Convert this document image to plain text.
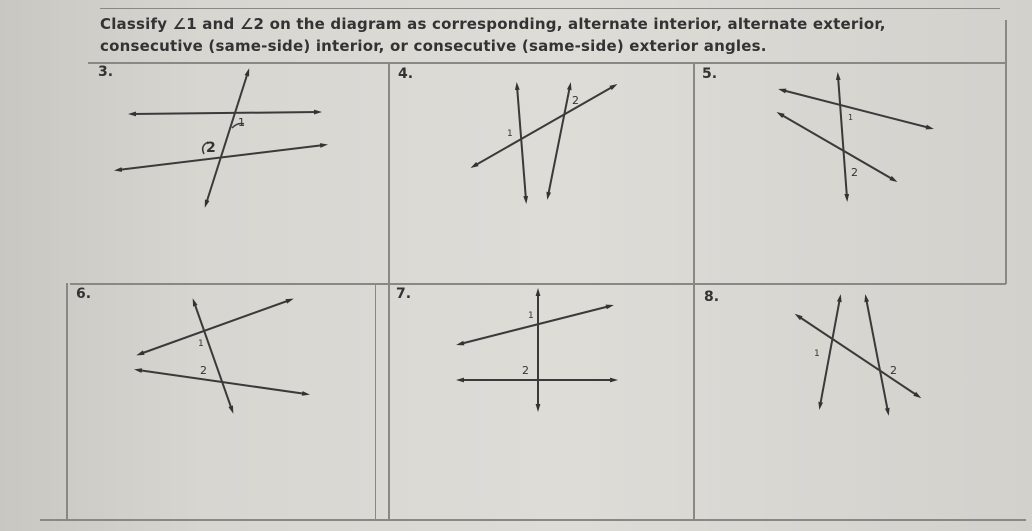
Classify ∠1 and ∠2 on the diagram as corresponding, alternate interior, alternate exterior,
consecutive (same-side) interior, or consecutive (same-side) exterior angles.
3.	4.	5.
6.	7.	8.
1
2
2
1
1
2
1
2
1
2
1
2
